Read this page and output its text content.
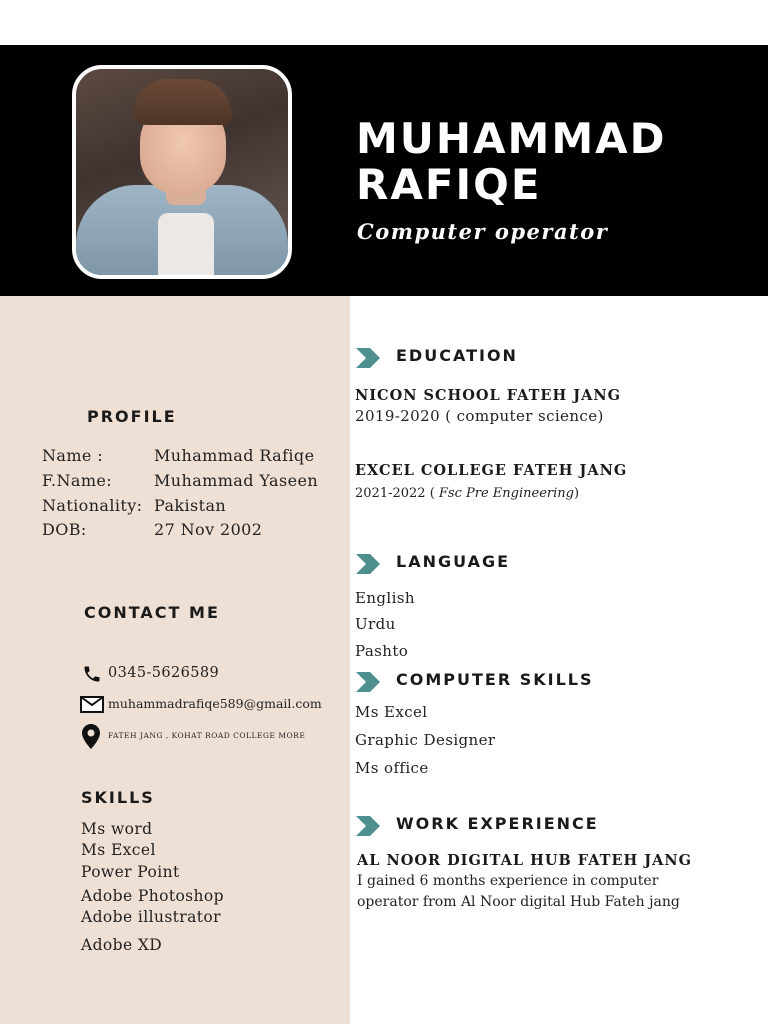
MUHAMMAD
RAFIQE
Computer operator
PROFILE
Name :	Muhammad Rafiqe
F.Name:	Muhammad Yaseen
Nationality: Pakistan
DOB:	27 Nov 2002
CONTACT ME
0345-5626589
muhammadrafiqe589@gmail.com
FATEH JANG , KOHAT ROAD COLLEGE MORE
SKILLS
Ms word
Ms Excel
Power Point
Adobe Photoshop
Adobe illustrator
Adobe XD
EDUCATION
NICON SCHOOL FATEH JANG
2019-2020 ( computer science)
EXCEL COLLEGE FATEH JANG
2021-2022 ( Fsc Pre Engineering)
LANGUAGE
English
Urdu
Pashto
COMPUTER SKILLS
Ms Excel
Graphic Designer
Ms office
WORK EXPERIENCE
AL NOOR DIGITAL HUB FATEH JANG
I gained 6 months experience in computer
operator from Al Noor digital Hub Fateh jang
